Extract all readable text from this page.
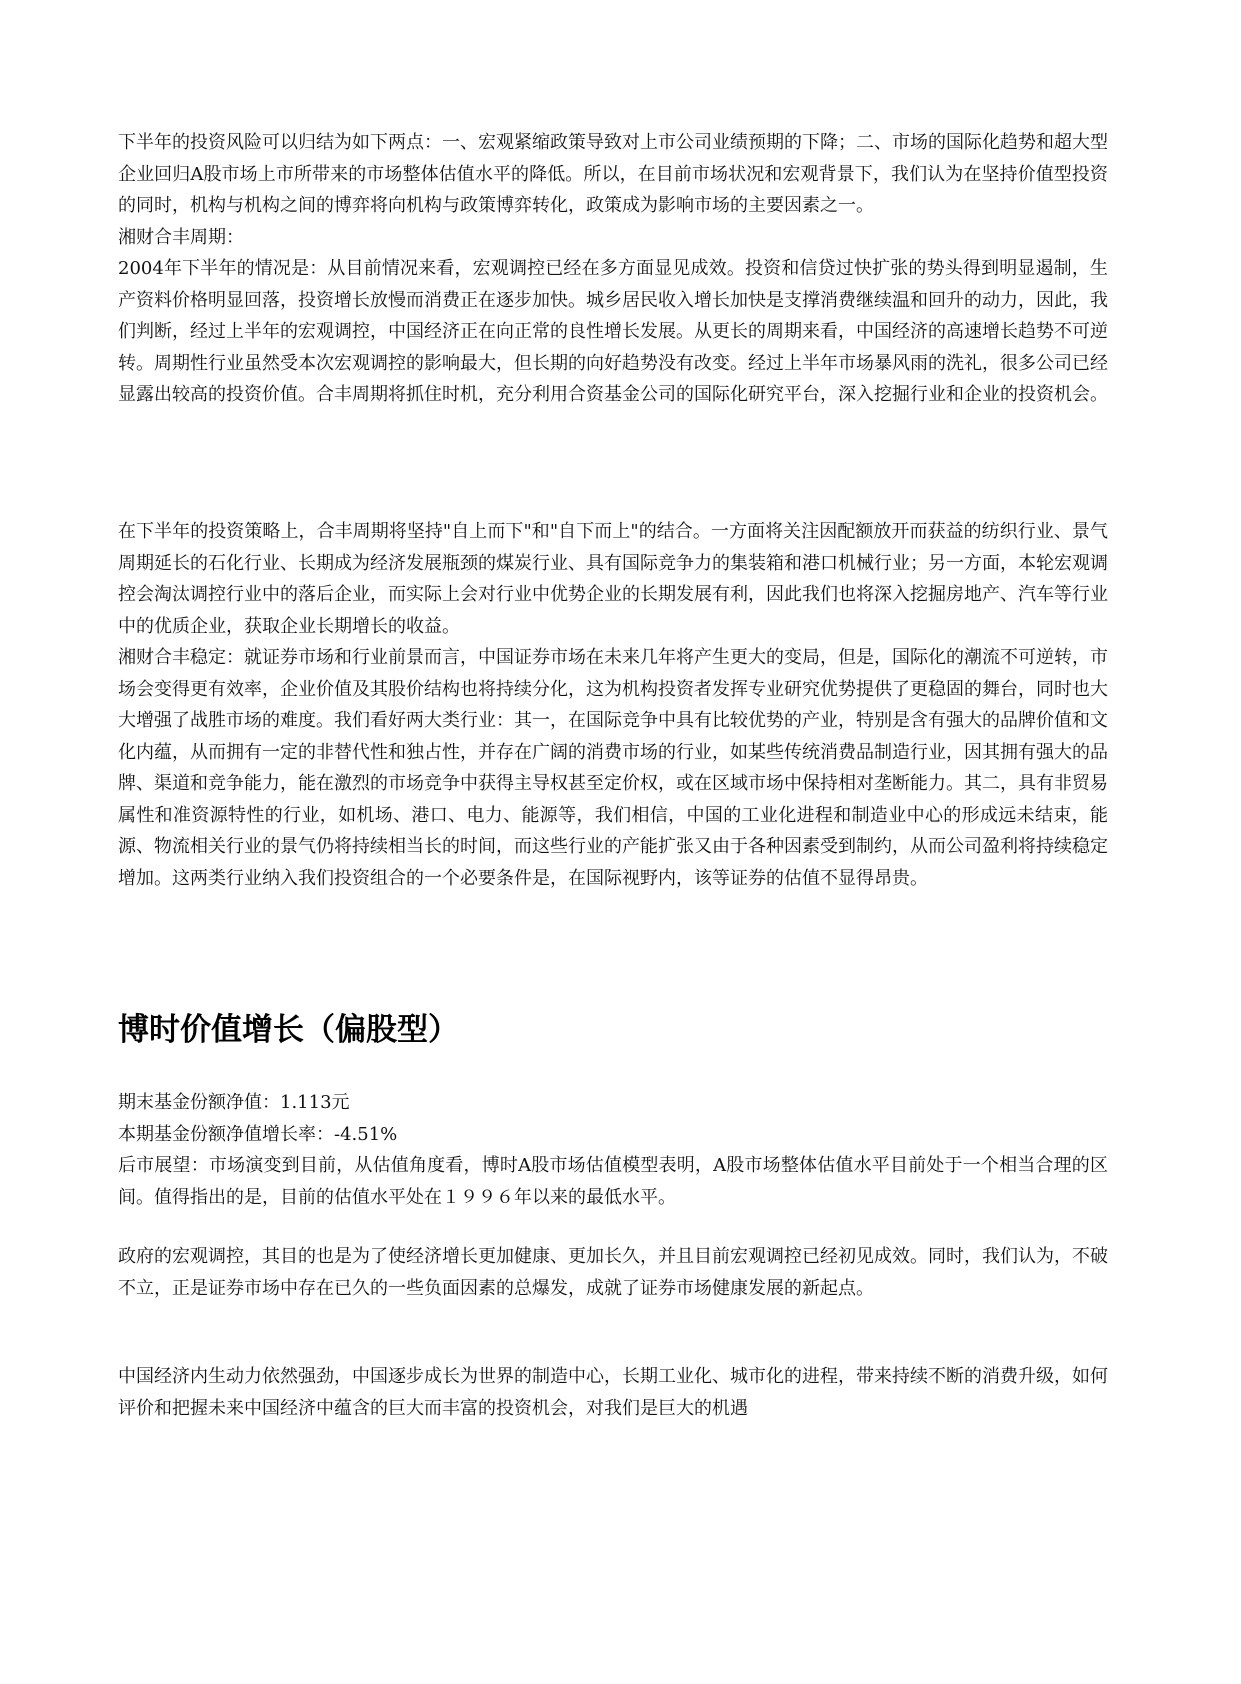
下半年的投资风险可以归结为如下两点：一、宏观紧缩政策导致对上市公司业绩预期的下降；二、市场的国际化趋势和超大型企业回归A股市场上市所带来的市场整体估值水平的降低。所以，在目前市场状况和宏观背景下，我们认为在坚持价值型投资的同时，机构与机构之间的博弈将向机构与政策博弈转化，政策成为影响市场的主要因素之一。

湘财合丰周期：

2004年下半年的情况是：从目前情况来看，宏观调控已经在多方面显见成效。投资和信贷过快扩张的势头得到明显遏制，生产资料价格明显回落，投资增长放慢而消费正在逐步加快。城乡居民收入增长加快是支撑消费继续温和回升的动力，因此，我们判断，经过上半年的宏观调控，中国经济正在向正常的良性增长发展。从更长的周期来看，中国经济的高速增长趋势不可逆转。周期性行业虽然受本次宏观调控的影响最大，但长期的向好趋势没有改变。经过上半年市场暴风雨的洗礼，很多公司已经显露出较高的投资价值。合丰周期将抓住时机，充分利用合资基金公司的国际化研究平台，深入挖掘行业和企业的投资机会。

在下半年的投资策略上，合丰周期将坚持"自上而下"和"自下而上"的结合。一方面将关注因配额放开而获益的纺织行业、景气周期延长的石化行业、长期成为经济发展瓶颈的煤炭行业、具有国际竞争力的集装箱和港口机械行业；另一方面，本轮宏观调控会淘汰调控行业中的落后企业，而实际上会对行业中优势企业的长期发展有利，因此我们也将深入挖掘房地产、汽车等行业中的优质企业，获取企业长期增长的收益。

湘财合丰稳定：就证券市场和行业前景而言，中国证券市场在未来几年将产生更大的变局，但是，国际化的潮流不可逆转，市场会变得更有效率，企业价值及其股价结构也将持续分化，这为机构投资者发挥专业研究优势提供了更稳固的舞台，同时也大大增强了战胜市场的难度。我们看好两大类行业：其一，在国际竞争中具有比较优势的产业，特别是含有强大的品牌价值和文化内蕴，从而拥有一定的非替代性和独占性，并存在广阔的消费市场的行业，如某些传统消费品制造行业，因其拥有强大的品牌、渠道和竞争能力，能在激烈的市场竞争中获得主导权甚至定价权，或在区域市场中保持相对垄断能力。其二，具有非贸易属性和准资源特性的行业，如机场、港口、电力、能源等，我们相信，中国的工业化进程和制造业中心的形成远未结束，能源、物流相关行业的景气仍将持续相当长的时间，而这些行业的产能扩张又由于各种因素受到制约，从而公司盈利将持续稳定增加。这两类行业纳入我们投资组合的一个必要条件是，在国际视野内，该等证券的估值不显得昂贵。

博时价值增长（偏股型）

期末基金份额净值：1.113元

本期基金份额净值增长率：-4.51%

后市展望：市场演变到目前，从估值角度看，博时A股市场估值模型表明，A股市场整体估值水平目前处于一个相当合理的区间。值得指出的是，目前的估值水平处在１９９６年以来的最低水平。

政府的宏观调控，其目的也是为了使经济增长更加健康、更加长久，并且目前宏观调控已经初见成效。同时，我们认为，不破不立，正是证券市场中存在已久的一些负面因素的总爆发，成就了证券市场健康发展的新起点。

中国经济内生动力依然强劲，中国逐步成长为世界的制造中心，长期工业化、城市化的进程，带来持续不断的消费升级，如何评价和把握未来中国经济中蕴含的巨大而丰富的投资机会，对我们是巨大的机遇
